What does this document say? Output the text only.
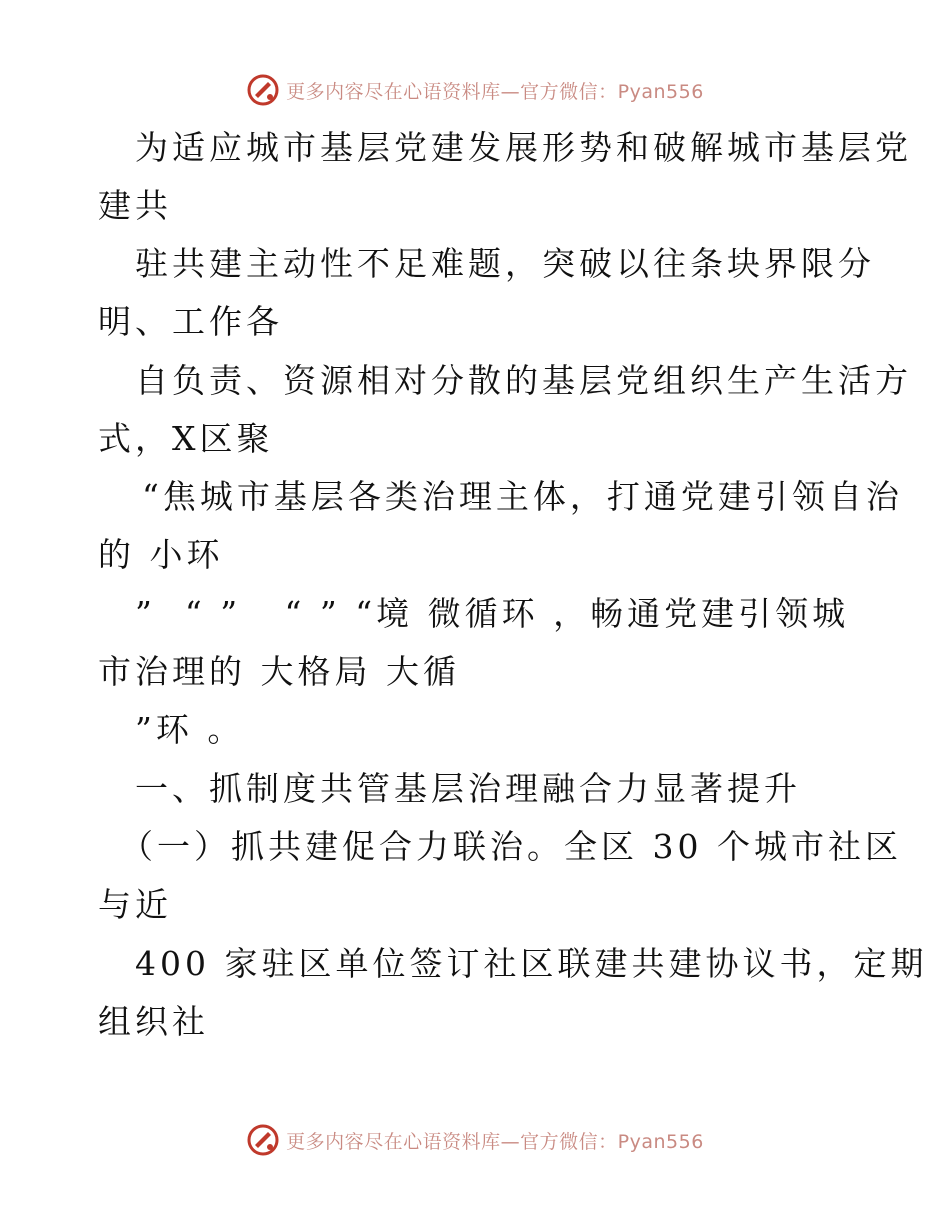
更多内容尽在心语资料库—官方微信：Pyan556
为适应城市基层党建发展形势和破解城市基层党
建共
驻共建主动性不足难题，突破以往条块界限分
明、工作各
自负责、资源相对分散的基层党组织生产生活方
式，X区聚
“焦城市基层各类治理主体，打通党建引领自治
的 小环
”  “ ”   “ ” “境 微循环 ，畅通党建引领城
市治理的 大格局 大循
”环 。
一、抓制度共管基层治理融合力显著提升
（一）抓共建促合力联治。全区 30 个城市社区
与近
400 家驻区单位签订社区联建共建协议书，定期
组织社
更多内容尽在心语资料库—官方微信：Pyan556
